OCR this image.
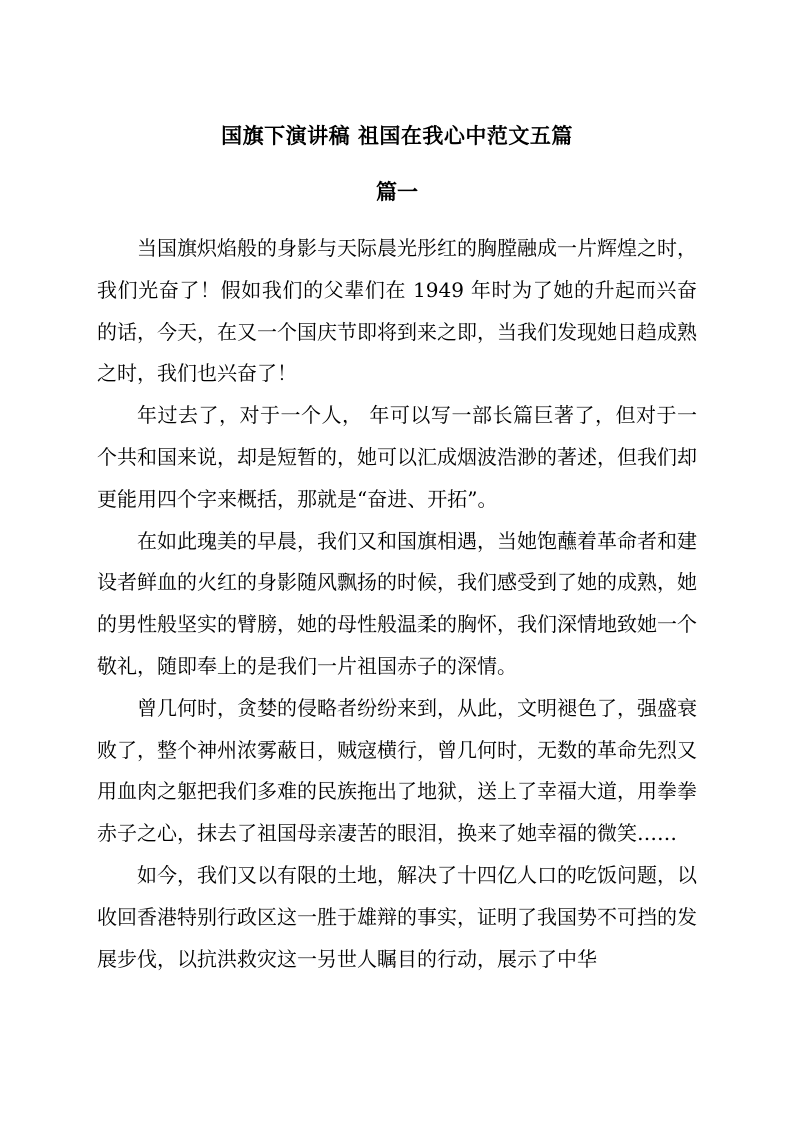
国旗下演讲稿 祖国在我心中范文五篇
篇一

当国旗炽焰般的身影与天际晨光彤红的胸膛融成一片辉煌之时，我们光奋了！假如我们的父辈们在 1949 年时为了她的升起而兴奋的话，今天，在又一个国庆节即将到来之即，当我们发现她日趋成熟之时，我们也兴奋了！

年过去了，对于一个人， 年可以写一部长篇巨著了，但对于一个共和国来说，却是短暂的，她可以汇成烟波浩渺的著述，但我们却更能用四个字来概括，那就是“奋进、开拓”。

在如此瑰美的早晨，我们又和国旗相遇，当她饱蘸着革命者和建设者鲜血的火红的身影随风飘扬的时候，我们感受到了她的成熟，她的男性般坚实的臂膀，她的母性般温柔的胸怀，我们深情地致她一个敬礼，随即奉上的是我们一片祖国赤子的深情。

曾几何时，贪婪的侵略者纷纷来到，从此，文明褪色了，强盛衰败了，整个神州浓雾蔽日，贼寇横行，曾几何时，无数的革命先烈又用血肉之躯把我们多难的民族拖出了地狱，送上了幸福大道，用拳拳赤子之心，抹去了祖国母亲凄苦的眼泪，换来了她幸福的微笑……

如今，我们又以有限的土地，解决了十四亿人口的吃饭问题，以收回香港特别行政区这一胜于雄辩的事实，证明了我国势不可挡的发展步伐，以抗洪救灾这一另世人瞩目的行动，展示了中华
